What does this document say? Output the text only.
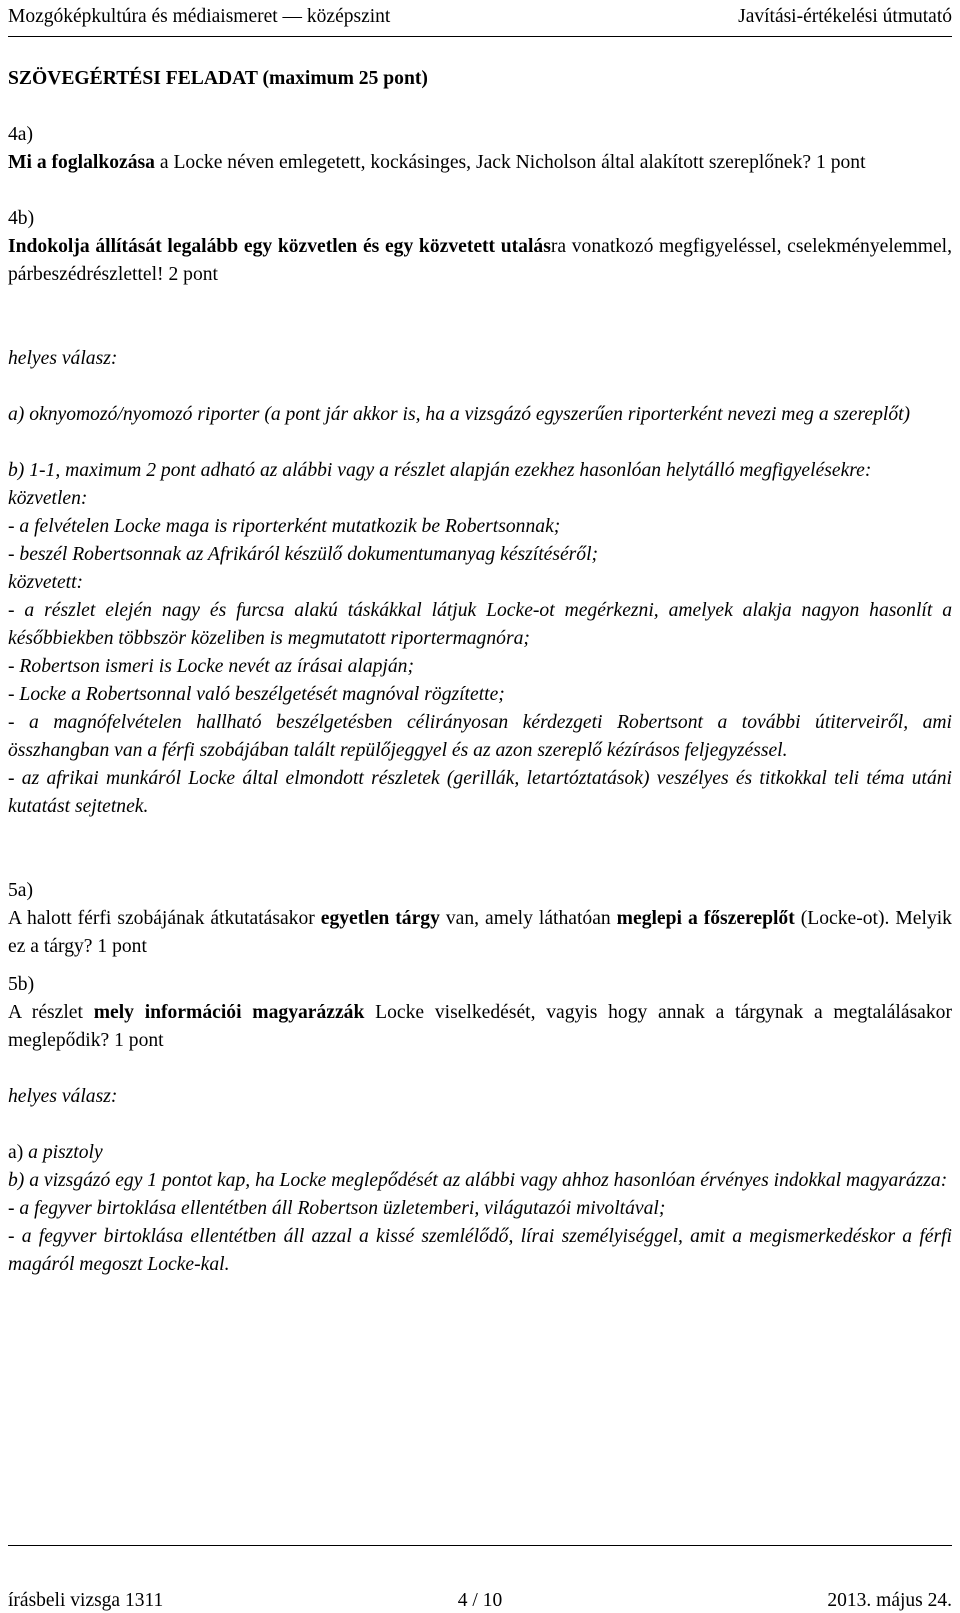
Mozgóképkultúra és médiaismeret — középszint	Javítási-értékelési útmutató

SZÖVEGÉRTÉSI FELADAT (maximum 25 pont)

4a)

Mi a foglalkozása a Locke néven emlegetett, kockásinges, Jack Nicholson által alakított szereplőnek? 1 pont

4b)

Indokolja állítását legalább egy közvetlen és egy közvetett utalásra vonatkozó megfigyeléssel, cselekményelemmel, párbeszédrészlettel! 2 pont

helyes válasz:

a) oknyomozó/nyomozó riporter (a pont jár akkor is, ha a vizsgázó egyszerűen riporterként nevezi meg a szereplőt)

b) 1-1, maximum 2 pont adható az alábbi vagy a részlet alapján ezekhez hasonlóan helytálló megfigyelésekre:

közvetlen:

- a felvételen Locke maga is riporterként mutatkozik be Robertsonnak;

- beszél Robertsonnak az Afrikáról készülő dokumentumanyag készítéséről;

közvetett:

- a részlet elején nagy és furcsa alakú táskákkal látjuk Locke-ot megérkezni, amelyek alakja nagyon hasonlít a későbbiekben többször közeliben is megmutatott riportermagnóra;

- Robertson ismeri is Locke nevét az írásai alapján;

- Locke a Robertsonnal való beszélgetését magnóval rögzítette;

- a magnófelvételen hallható beszélgetésben célirányosan kérdezgeti Robertsont a további útiterveiről, ami összhangban van a férfi szobájában talált repülőjeggyel és az azon szereplő kézírásos feljegyzéssel.

- az afrikai munkáról Locke által elmondott részletek (gerillák, letartóztatások) veszélyes és titkokkal teli téma utáni kutatást sejtetnek.

5a)

A halott férfi szobájának átkutatásakor egyetlen tárgy van, amely láthatóan meglepi a főszereplőt (Locke-ot). Melyik ez a tárgy? 1 pont

5b)

A részlet mely információi magyarázzák Locke viselkedését, vagyis hogy annak a tárgynak a megtalálásakor meglepődik? 1 pont

helyes válasz:

a) a pisztoly

b) a vizsgázó egy 1 pontot kap, ha Locke meglepődését az alábbi vagy ahhoz hasonlóan érvényes indokkal magyarázza:

- a fegyver birtoklása ellentétben áll Robertson üzletemberi, világutazói mivoltával;

- a fegyver birtoklása ellentétben áll azzal a kissé szemlélődő, lírai személyiséggel, amit a megismerkedéskor a férfi magáról megoszt Locke-kal.

írásbeli vizsga 1311	4 / 10	2013. május 24.
